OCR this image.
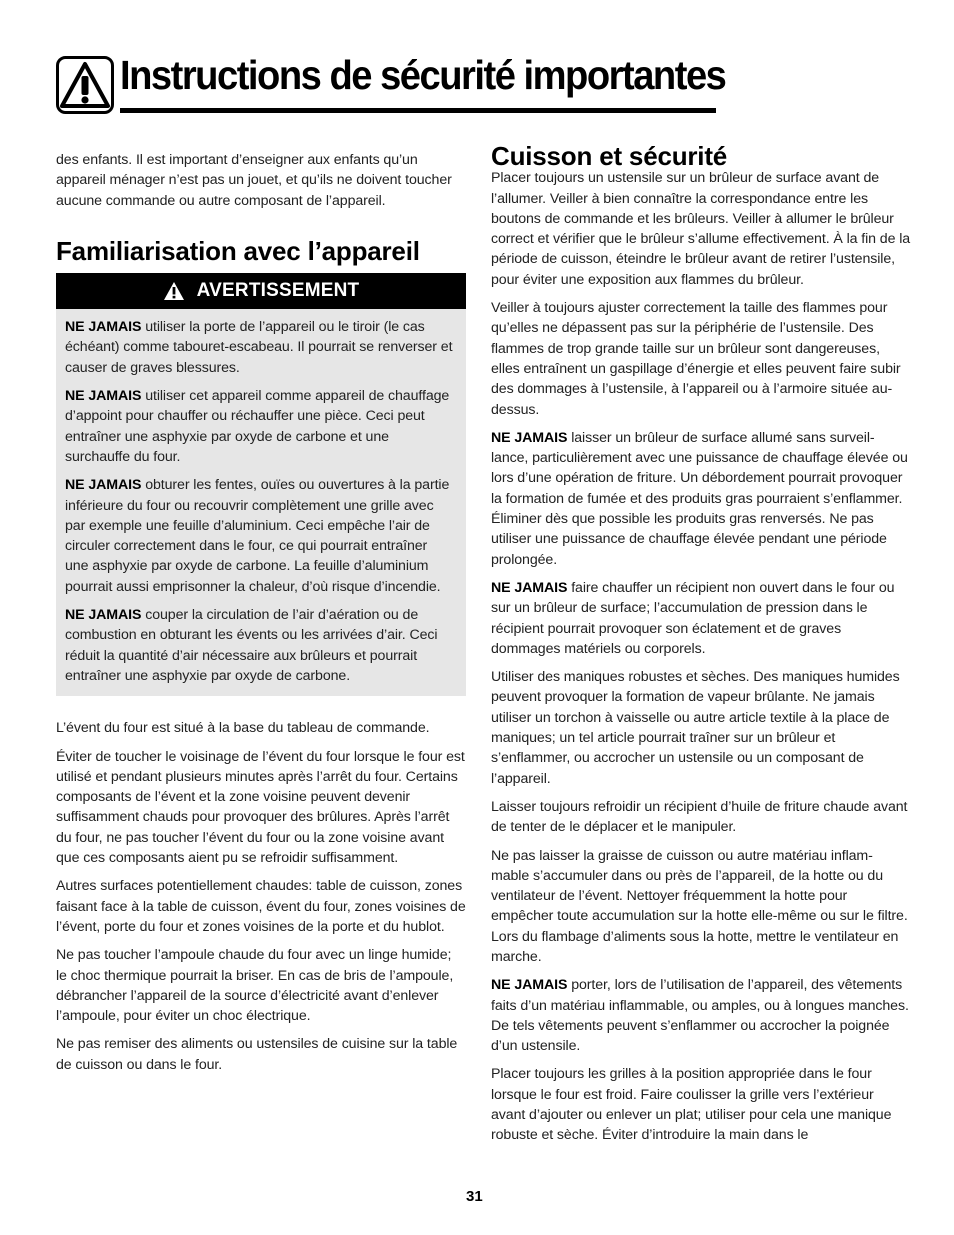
Instructions de sécurité importantes

des enfants. Il est important d’enseigner aux enfants qu’un appareil ménager n’est pas un jouet, et qu’ils ne doivent toucher aucune commande ou autre composant de l’appareil.

Familiarisation avec l’appareil
AVERTISSEMENT

NE JAMAIS utiliser la porte de l’appareil ou le tiroir (le cas échéant) comme tabouret-escabeau. Il pourrait se renverser et causer de graves blessures.

NE JAMAIS utiliser cet appareil comme appareil de chauffage d’appoint pour chauffer ou réchauffer une pièce. Ceci peut entraîner une asphyxie par oxyde de carbone et une surchauffe du four.

NE JAMAIS obturer les fentes, ouïes ou ouvertures à la partie inférieure du four ou recouvrir complètement une grille avec par exemple une feuille d’aluminium. Ceci empêche l’air de circuler correctement dans le four, ce qui pourrait entraîner une asphyxie par oxyde de carbone. La feuille d’aluminium pourrait aussi emprisonner la chaleur, d’où risque d’incendie.

NE JAMAIS couper la circulation de l’air d’aération ou de combustion en obturant les évents ou les arrivées d’air. Ceci réduit la quantité d’air nécessaire aux brûleurs et pourrait entraîner une asphyxie par oxyde de carbone.

L’évent du four est situé à la base du tableau de commande.

Éviter de toucher le voisinage de l’évent du four lorsque le four est utilisé et pendant plusieurs minutes après l’arrêt du four. Certains composants de l’évent et la zone voisine peuvent devenir suffisamment chauds pour provoquer des brûlures. Après l’arrêt du four, ne pas toucher l’évent du four ou la zone voisine avant que ces composants aient pu se refroidir suffisamment.

Autres surfaces potentiellement chaudes: table de cuisson, zones faisant face à la table de cuisson, évent du four, zones voisines de l’évent, porte du four et zones voisines de la porte et du hublot.

Ne pas toucher l’ampoule chaude du four avec un linge humide; le choc thermique pourrait la briser. En cas de bris de l’ampoule, débrancher l’appareil de la source d’électricité avant d’enlever l’ampoule, pour éviter un choc électrique.

Ne pas remiser des aliments ou ustensiles de cuisine sur la table de cuisson ou dans le four.

Cuisson et sécurité

Placer toujours un ustensile sur un brûleur de surface avant de l’allumer. Veiller à bien connaître la correspondance entre les boutons de commande et les brûleurs. Veiller à allumer le brûleur correct et vérifier que le brûleur s’allume effectivement. À la fin de la période de cuisson, éteindre le brûleur avant de retirer l’ustensile, pour éviter une exposition aux flammes du brûleur.

Veiller à toujours ajuster correctement la taille des flammes pour qu’elles ne dépassent pas sur la périphérie de l’ustensile. Des flammes de trop grande taille sur un brûleur sont dangereuses, elles entraînent un gaspillage d’énergie et elles peuvent faire subir des dommages à l’ustensile, à l’appareil ou à l’armoire située au-dessus.

NE JAMAIS laisser un brûleur de surface allumé sans surveil- lance, particulièrement avec une puissance de chauffage élevée ou lors d’une opération de friture. Un débordement pourrait provoquer la formation de fumée et des produits gras pourraient s’enflammer. Éliminer dès que possible les produits gras renversés. Ne pas utiliser une puissance de chauffage élevée pendant une période prolongée.

NE JAMAIS faire chauffer un récipient non ouvert dans le four ou sur un brûleur de surface; l’accumulation de pression dans le récipient pourrait provoquer son éclatement et de graves dommages matériels ou corporels.

Utiliser des maniques robustes et sèches. Des maniques humides peuvent provoquer la formation de vapeur brûlante. Ne jamais utiliser un torchon à vaisselle ou autre article textile à la place de maniques; un tel article pourrait traîner sur un brûleur et s’enflammer, ou accrocher un ustensile ou un composant de l’appareil.

Laisser toujours refroidir un récipient d’huile de friture chaude avant de tenter de le déplacer et le manipuler.

Ne pas laisser la graisse de cuisson ou autre matériau inflam- mable s’accumuler dans ou près de l’appareil, de la hotte ou du ventilateur de l’évent. Nettoyer fréquemment la hotte pour empêcher toute accumulation sur la hotte elle-même ou sur le filtre. Lors du flambage d’aliments sous la hotte, mettre le ventilateur en marche.

NE JAMAIS porter, lors de l’utilisation de l’appareil, des vêtements faits d’un matériau inflammable, ou amples, ou à longues manches. De tels vêtements peuvent s’enflammer ou accrocher la poignée d’un ustensile.

Placer toujours les grilles à la position appropriée dans le four lorsque le four est froid. Faire coulisser la grille vers l’extérieur avant d’ajouter ou enlever un plat; utiliser pour cela une manique robuste et sèche. Éviter d’introduire la main dans le

31
